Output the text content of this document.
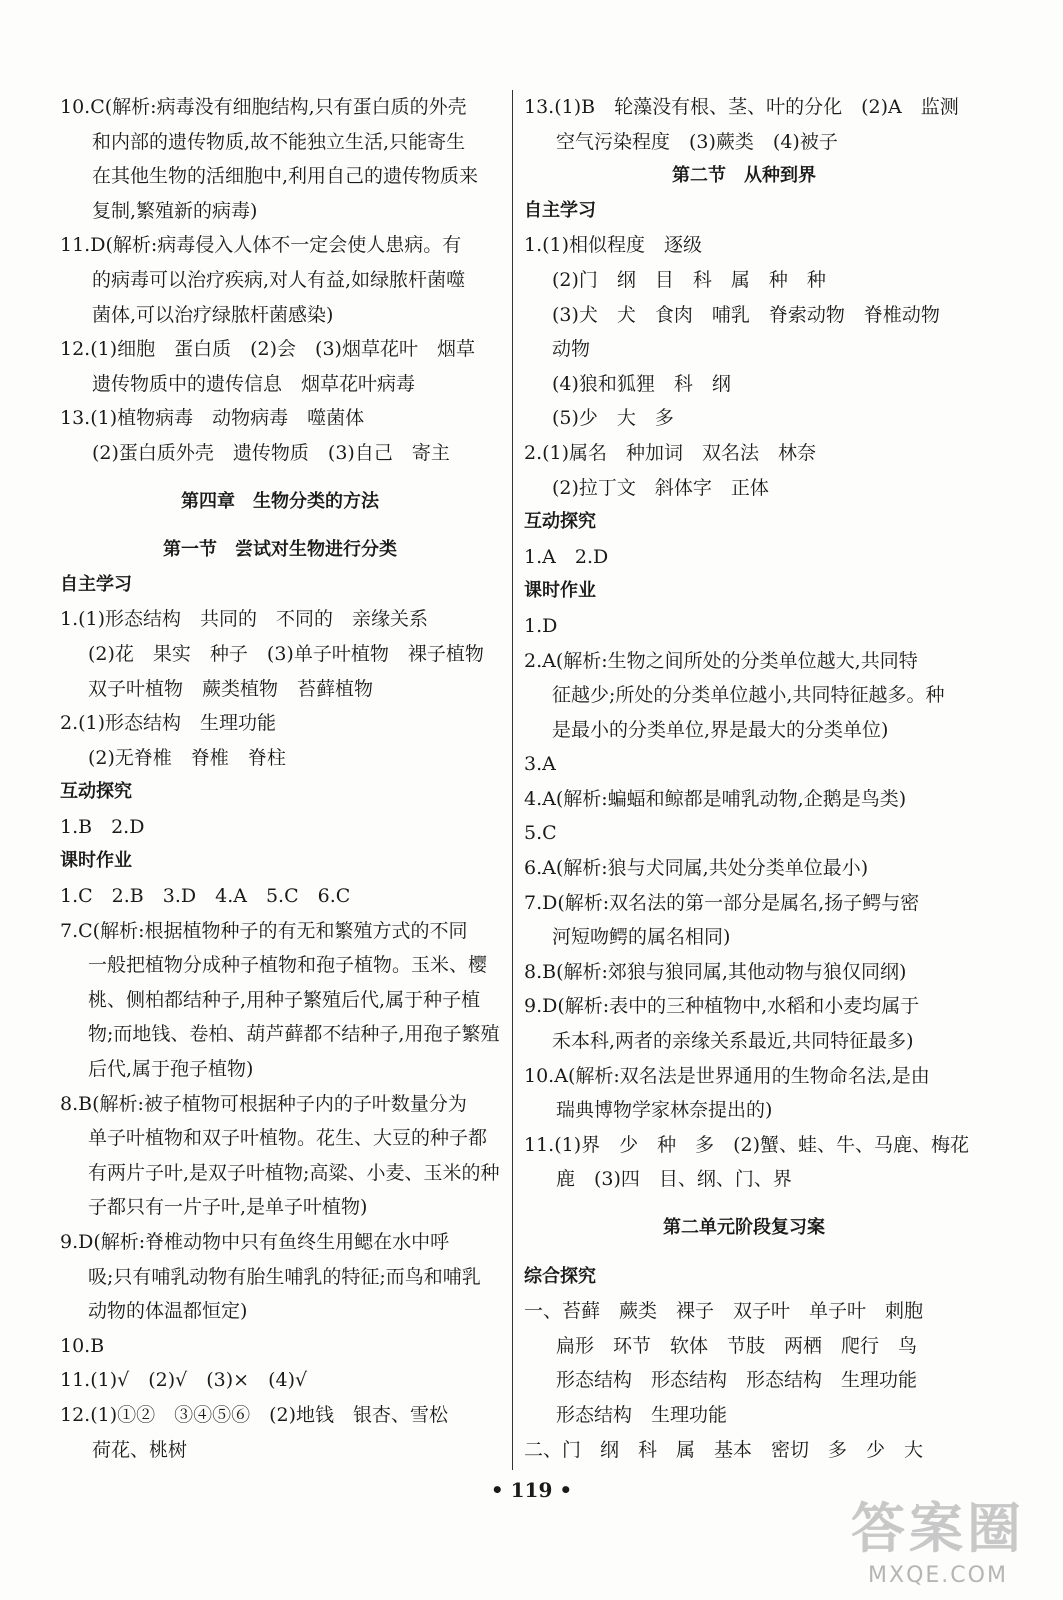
10.C(解析:病毒没有细胞结构,只有蛋白质的外壳
和内部的遗传物质,故不能独立生活,只能寄生
在其他生物的活细胞中,利用自己的遗传物质来
复制,繁殖新的病毒)
11.D(解析:病毒侵入人体不一定会使人患病。有
的病毒可以治疗疾病,对人有益,如绿脓杆菌噬
菌体,可以治疗绿脓杆菌感染)
12.(1)细胞　蛋白质　(2)会　(3)烟草花叶　烟草
遗传物质中的遗传信息　烟草花叶病毒
13.(1)植物病毒　动物病毒　噬菌体
(2)蛋白质外壳　遗传物质　(3)自己　寄主
第四章　生物分类的方法
第一节　尝试对生物进行分类
自主学习
1.(1)形态结构　共同的　不同的　亲缘关系
(2)花　果实　种子　(3)单子叶植物　裸子植物
双子叶植物　蕨类植物　苔藓植物
2.(1)形态结构　生理功能
(2)无脊椎　脊椎　脊柱
互动探究
1.B　2.D
课时作业
1.C　2.B　3.D　4.A　5.C　6.C
7.C(解析:根据植物种子的有无和繁殖方式的不同
一般把植物分成种子植物和孢子植物。玉米、樱
桃、侧柏都结种子,用种子繁殖后代,属于种子植
物;而地钱、卷柏、葫芦藓都不结种子,用孢子繁殖
后代,属于孢子植物)
8.B(解析:被子植物可根据种子内的子叶数量分为
单子叶植物和双子叶植物。花生、大豆的种子都
有两片子叶,是双子叶植物;高粱、小麦、玉米的种
子都只有一片子叶,是单子叶植物)
9.D(解析:脊椎动物中只有鱼终生用鳃在水中呼
吸;只有哺乳动物有胎生哺乳的特征;而鸟和哺乳
动物的体温都恒定)
10.B
11.(1)√　(2)√　(3)×　(4)√
12.(1)①②　③④⑤⑥　(2)地钱　银杏、雪松
荷花、桃树
13.(1)B　轮藻没有根、茎、叶的分化　(2)A　监测
空气污染程度　(3)蕨类　(4)被子
第二节　从种到界
自主学习
1.(1)相似程度　逐级
(2)门　纲　目　科　属　种　种
(3)犬　犬　食肉　哺乳　脊索动物　脊椎动物
动物
(4)狼和狐狸　科　纲
(5)少　大　多
2.(1)属名　种加词　双名法　林奈
(2)拉丁文　斜体字　正体
互动探究
1.A　2.D
课时作业
1.D
2.A(解析:生物之间所处的分类单位越大,共同特
征越少;所处的分类单位越小,共同特征越多。种
是最小的分类单位,界是最大的分类单位)
3.A
4.A(解析:蝙蝠和鲸都是哺乳动物,企鹅是鸟类)
5.C
6.A(解析:狼与犬同属,共处分类单位最小)
7.D(解析:双名法的第一部分是属名,扬子鳄与密
河短吻鳄的属名相同)
8.B(解析:郊狼与狼同属,其他动物与狼仅同纲)
9.D(解析:表中的三种植物中,水稻和小麦均属于
禾本科,两者的亲缘关系最近,共同特征最多)
10.A(解析:双名法是世界通用的生物命名法,是由
瑞典博物学家林奈提出的)
11.(1)界　少　种　多　(2)蟹、蛙、牛、马鹿、梅花
鹿　(3)四　目、纲、门、界
第二单元阶段复习案
综合探究
一、苔藓　蕨类　裸子　双子叶　单子叶　刺胞
扁形　环节　软体　节肢　两栖　爬行　鸟
形态结构　形态结构　形态结构　生理功能
形态结构　生理功能
二、门　纲　科　属　基本　密切　多　少　大
• 119 •
答案圈
MXQE.COM
